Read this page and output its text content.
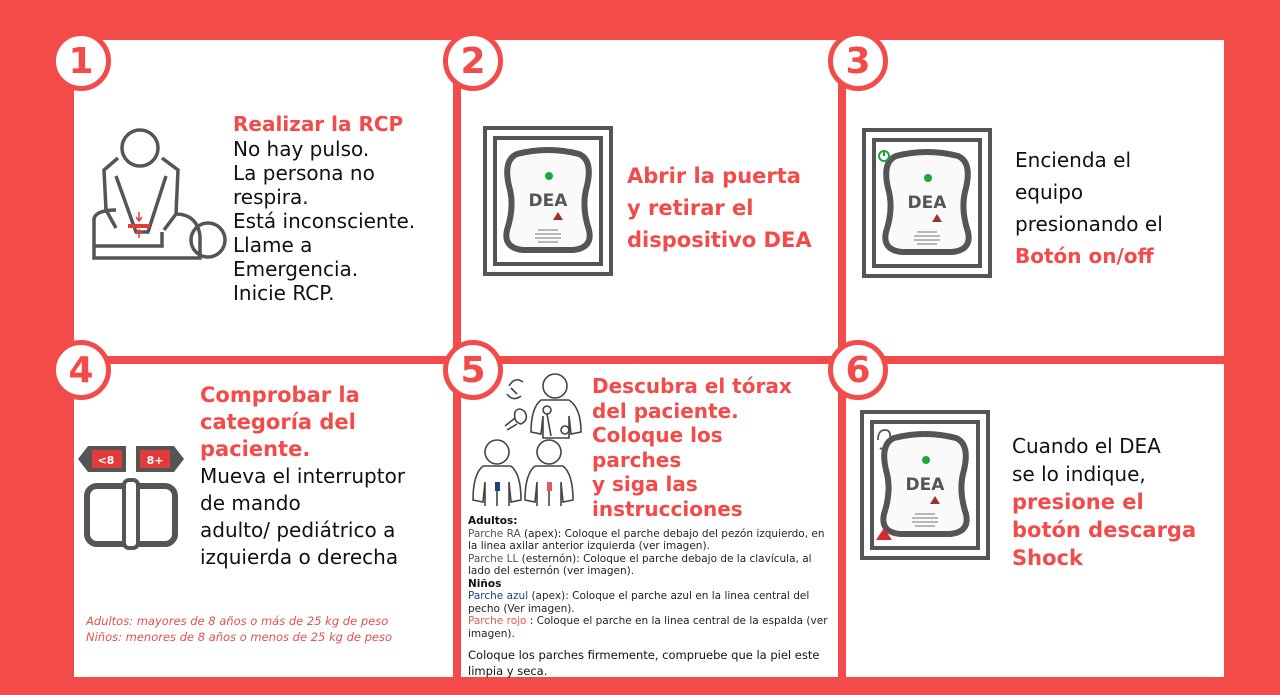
Realizar la RCP
No hay pulso.
La persona no
respira.
Está inconsciente.
Llame a
Emergencia.
Inicie RCP.
DEA
Abrir la puerta
y retirar el
dispositivo DEA
DEA
Encienda el
equipo
presionando el
Botón on/off
<8	8+
Comprobar la
categoría del
paciente.
Mueva el interruptor
de mando
adulto/ pediátrico a
izquierda o derecha
Adultos: mayores de 8 años o más de 25 kg de peso
Niños: menores de 8 años o menos de 25 kg de peso
Descubra el tórax
del paciente.
Coloque los
parches
y siga las
instrucciones
Adultos:
Parche RA (apex): Coloque el parche debajo del pezón izquierdo, en la linea axilar anterior izquierda (ver imagen).
Parche LL (esternón): Coloque el parche debajo de la clavícula, al lado del esternón (ver imagen).
Niños
Parche azul (apex): Coloque el parche azul en la linea central del pecho (Ver imagen).
Parche rojo : Coloque el parche en la linea central de la espalda (ver imagen).
Coloque los parches firmemente, compruebe que la piel este limpia y seca.
DEA
Cuando el DEA
se lo indique,
presione el
botón descarga
Shock
1	2	3
4	5	6
